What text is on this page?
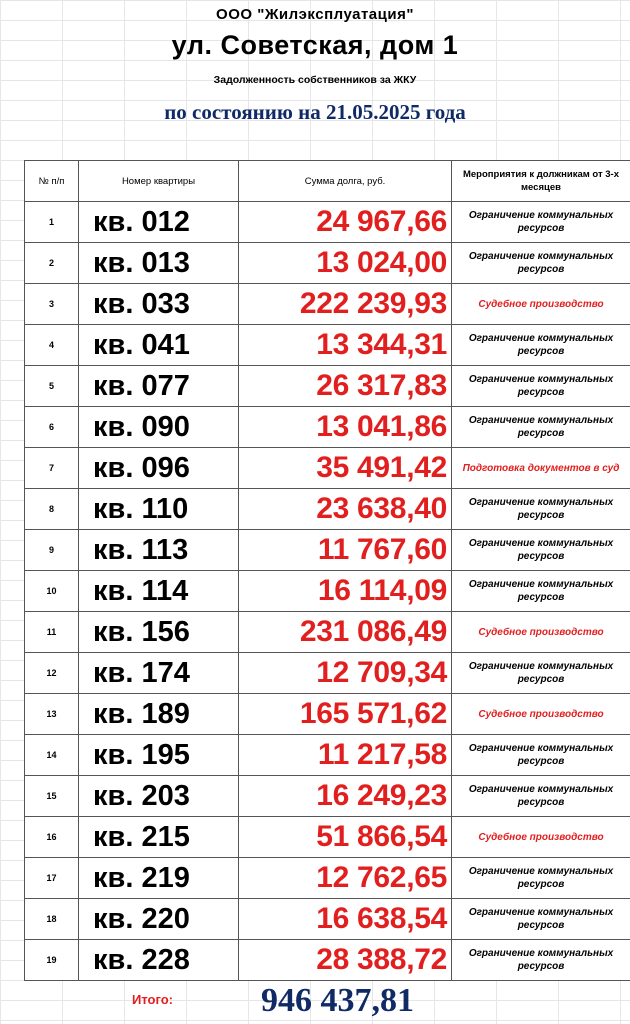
ООО "Жилэксплуатация"
ул. Советская, дом 1
Задолженность собственников за ЖКУ
по состоянию на 21.05.2025 года
№ п/п	Номер квартиры	Сумма долга, руб.	Мероприятия к должникам от 3-х месяцев
1	кв. 012	24 967,66	Ограничение коммунальных ресурсов
2	кв. 013	13 024,00	Ограничение коммунальных ресурсов
3	кв. 033	222 239,93	Судебное производство
4	кв. 041	13 344,31	Ограничение коммунальных ресурсов
5	кв. 077	26 317,83	Ограничение коммунальных ресурсов
6	кв. 090	13 041,86	Ограничение коммунальных ресурсов
7	кв. 096	35 491,42	Подготовка документов в суд
8	кв. 110	23 638,40	Ограничение коммунальных ресурсов
9	кв. 113	11 767,60	Ограничение коммунальных ресурсов
10	кв. 114	16 114,09	Ограничение коммунальных ресурсов
11	кв. 156	231 086,49	Судебное производство
12	кв. 174	12 709,34	Ограничение коммунальных ресурсов
13	кв. 189	165 571,62	Судебное производство
14	кв. 195	11 217,58	Ограничение коммунальных ресурсов
15	кв. 203	16 249,23	Ограничение коммунальных ресурсов
16	кв. 215	51 866,54	Судебное производство
17	кв. 219	12 762,65	Ограничение коммунальных ресурсов
18	кв. 220	16 638,54	Ограничение коммунальных ресурсов
19	кв. 228	28 388,72	Ограничение коммунальных ресурсов
Итого:	946 437,81
